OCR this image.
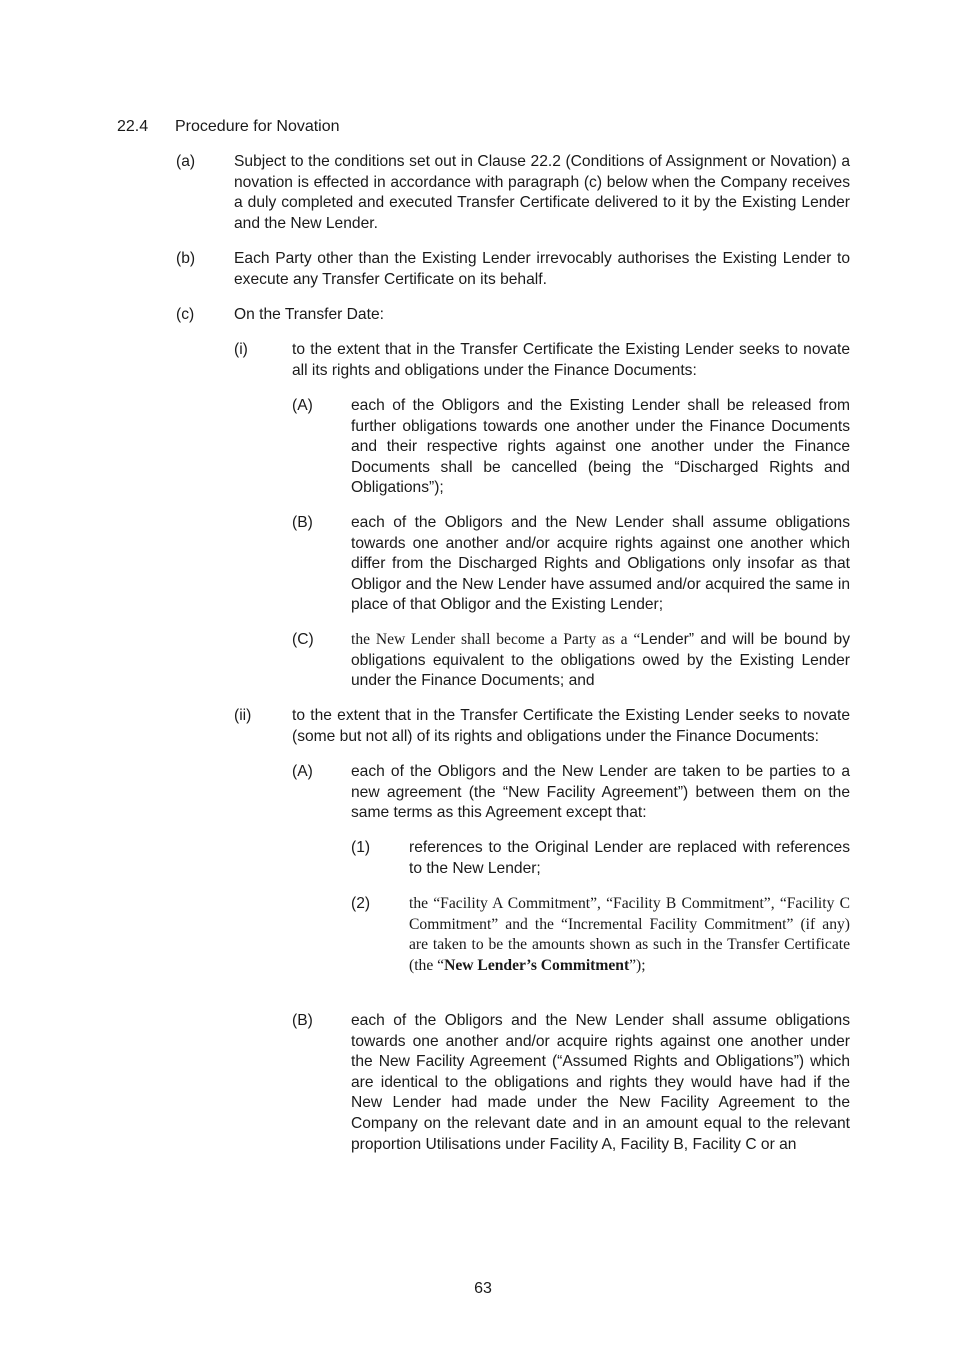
22.4 Procedure for Novation
(a) Subject to the conditions set out in Clause 22.2 (Conditions of Assignment or Novation) a novation is effected in accordance with paragraph (c) below when the Company receives a duly completed and executed Transfer Certificate delivered to it by the Existing Lender and the New Lender.
(b) Each Party other than the Existing Lender irrevocably authorises the Existing Lender to execute any Transfer Certificate on its behalf.
(c)	On the Transfer Date:
(i)	to the extent that in the Transfer Certificate the Existing Lender seeks to novate all its rights and obligations under the Finance Documents:
(A) each of the Obligors and the Existing Lender shall be released from further obligations towards one another under the Finance Documents and their respective rights against one another under the Finance Documents shall be cancelled (being the “Discharged Rights and Obligations”);
(B) each of the Obligors and the New Lender shall assume obligations towards one another and/or acquire rights against one another which differ from the Discharged Rights and Obligations only insofar as that Obligor and the New Lender have assumed and/or acquired the same in place of that Obligor and the Existing Lender;
(C) the New Lender shall become a Party as a “Lender” and will be bound by obligations equivalent to the obligations owed by the Existing Lender under the Finance Documents; and
(ii)	to the extent that in the Transfer Certificate the Existing Lender seeks to novate (some but not all) of its rights and obligations under the Finance Documents:
(A) each of the Obligors and the New Lender are taken to be parties to a new agreement (the “New Facility Agreement”) between them on the same terms as this Agreement except that:
(1) references to the Original Lender are replaced with references to the New Lender;
(2) the “Facility A Commitment”, “Facility B Commitment”, “Facility C Commitment” and the “Incremental Facility Commitment” (if any) are taken to be the amounts shown as such in the Transfer Certificate (the “New Lender’s Commitment”);
(B) each of the Obligors and the New Lender shall assume obligations towards one another and/or acquire rights against one another under the New Facility Agreement (“Assumed Rights and Obligations”) which are identical to the obligations and rights they would have had if the New Lender had made under the New Facility Agreement to the Company on the relevant date and in an amount equal to the relevant proportion Utilisations under Facility A, Facility B, Facility C or an
63
